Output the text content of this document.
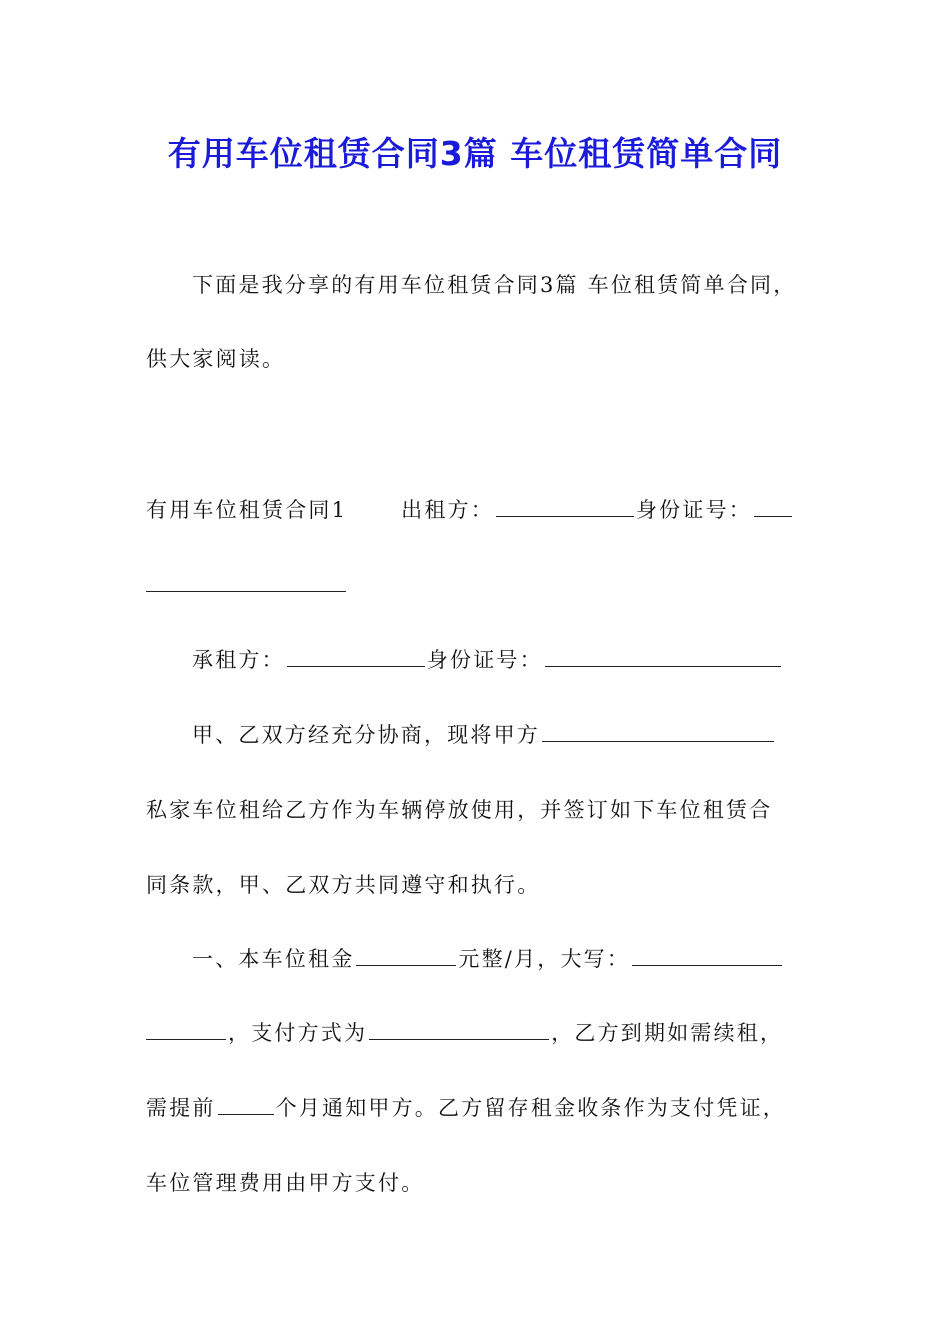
有用车位租赁合同3篇 车位租赁简单合同
下面是我分享的有用车位租赁合同3篇 车位租赁简单合同，
供大家阅读。
有用车位租赁合同1	出租方：	身份证号：
承租方：	身份证号：
甲、乙双方经充分协商，现将甲方
私家车位租给乙方作为车辆停放使用，并签订如下车位租赁合
同条款，甲、乙双方共同遵守和执行。
一、本车位租金	元整/月，大写：
，支付方式为	，乙方到期如需续租，
需提前	个月通知甲方。乙方留存租金收条作为支付凭证，
车位管理费用由甲方支付。
